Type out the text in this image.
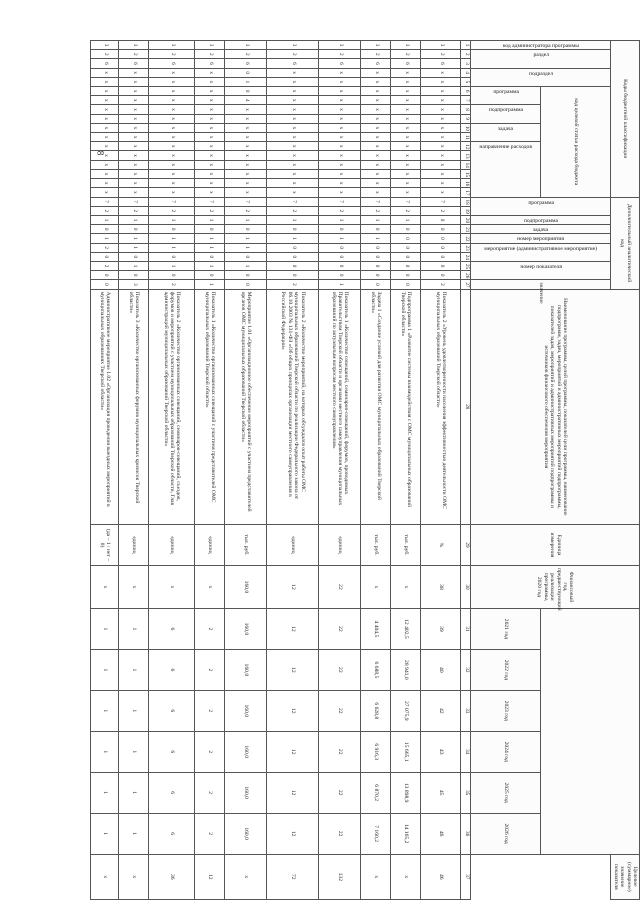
8	Коды бюджетной классификации																	Дополнительный аналитический код										Наименование программы, целей программы, показателей цели программы, наименование подпрограмм, задач, мероприятий и административных мероприятий подпрограммы, показателей задач, мероприятий и административных мероприятий подпрограммы и источников финансового обеспечения мероприятия	Единица измерения	Финансовый год, предшествующий реализации программы, 2020 год							Целевое (суммарное) значение показателя

код администратора программы	раздел		подраздел		код целевой статьи расхода бюджета												программа		подпрограмма	задача	номер мероприятия	мероприятие (административное мероприятие)		номер показателя		значение										

					программа		подпрограмма		задача		направление расходов																			2021 год	2022 год	2023 год	2024 год	2025 год	2026 год	
1	2	3	4	5	6	7	8	9	10	11	12	13	14	15	16	17	18	19	20	21	22	23	24	25	26	27	28	29	30	31	32	33	34	35	36	37
3	2	6	х	х	х	х	х	х	х	х	х	х	х	х	х	х	7	2	0	0	0	0	0	0	0	2	Показатель 2 «Уровень удовлетворенности населения эффективностью деятельности ОМС муниципальных образований Тверской области»	%	38	39	40	42	43	45	46	46
3	2	6	х	х	х	х	х	х	х	х	х	х	х	х	х	х	7	2	1	0	0	0	0	0	0	0	Подпрограмма 1 «Развитие системы взаимодействия с ОМС муниципальных образований Тверской области»	тыс. руб.	х	12 402,5	28 941,0	27 075,9	15 665,1	13 898,9	14 165,2	х
3	2	6	х	х	х	х	х	х	х	х	х	х	х	х	х	х	7	2	1	0	1	0	0	0	0	0	Задача 1 «Создание условий для развития ОМС муниципальных образований Тверской области»	тыс. руб.	х	4 404,5	6 688,5	6 028,8	6 916,3	6 870,2	7 160,2	х
3	2	6	х	х	х	х	х	х	х	х	х	х	х	х	х	х	7	2	1	0	1	0	0	0	0	1	Показатель 1 «Количество совещаний, семинаров-совещаний, форумов, проводимых Правительством Тверской области и органами местного самоуправления муниципальных образований по актуальным вопросам местного самоуправления»	единиц	22	22	22	22	22	22	22	132
3	2	6	х	х	х	х	х	х	х	х	х	х	х	х	х	х	7	2	1	0	1	0	0	0	0	2	Показатель 2 «Количество мероприятий, на которых обсуждался опыт работы ОМС муниципальных образований Тверской области по реализации Федерального закона от 06.10.2003 № 131-ФЗ «Об общих принципах организации местного самоуправления в Российской Федерации»	единиц	12	12	12	12	12	12	12	72
3	2	6	0	1	0	4	х	х	х	х	х	х	х	х	х	х	7	2	1	0	1	1	0	1	0	0	Мероприятие 1.01 «Организационное обеспечение мероприятий с участием представителей органов ОМС муниципальных образований Тверской области»	тыс. руб.	160,0	160,0	160,0	160,0	160,0	160,0	160,0	х
3	2	6	х	х	х	х	х	х	х	х	х	х	х	х	х	х	7	2	1	0	1	1	0	1	0	1	Показатель 1 «Количество организованных совещаний с участием представителей ОМС муниципальных образований Тверской области»	единиц	х	2	2	2	2	2	2	12
3	2	6	х	х	х	х	х	х	х	х	х	х	х	х	х	х	7	2	1	0	1	1	0	1	0	2	Показатель 2 «Количество организованных совещаний, семинаров-совещаний, съездов, форумов и мероприятий с участием муниципальных образований Тверской области, Глав администраций муниципальных образований Тверской области»	единиц	х	6	6	6	6	6	6	36
3	2	6	х	х	х	х	х	х	х	х	х	х	х	х	х	х	7	2	1	0	1	1	0	1	0	3	Показатель 3 «Количество организованных форумов муниципальных кризисов Тверской области»	единиц	х	1	1	1	1	1	1	х
3	2	6	х	х	х	х	х	х	х	х	х	х	х	х	х	х	7	2	1	0	1	2	0	2	0	0	Административное мероприятие 1.02 «Организация проведения выездных мероприятий в муниципальных образованиях Тверской области»	(да – 1 / нет – 0)	х	1	1	1	1	1	1	х
